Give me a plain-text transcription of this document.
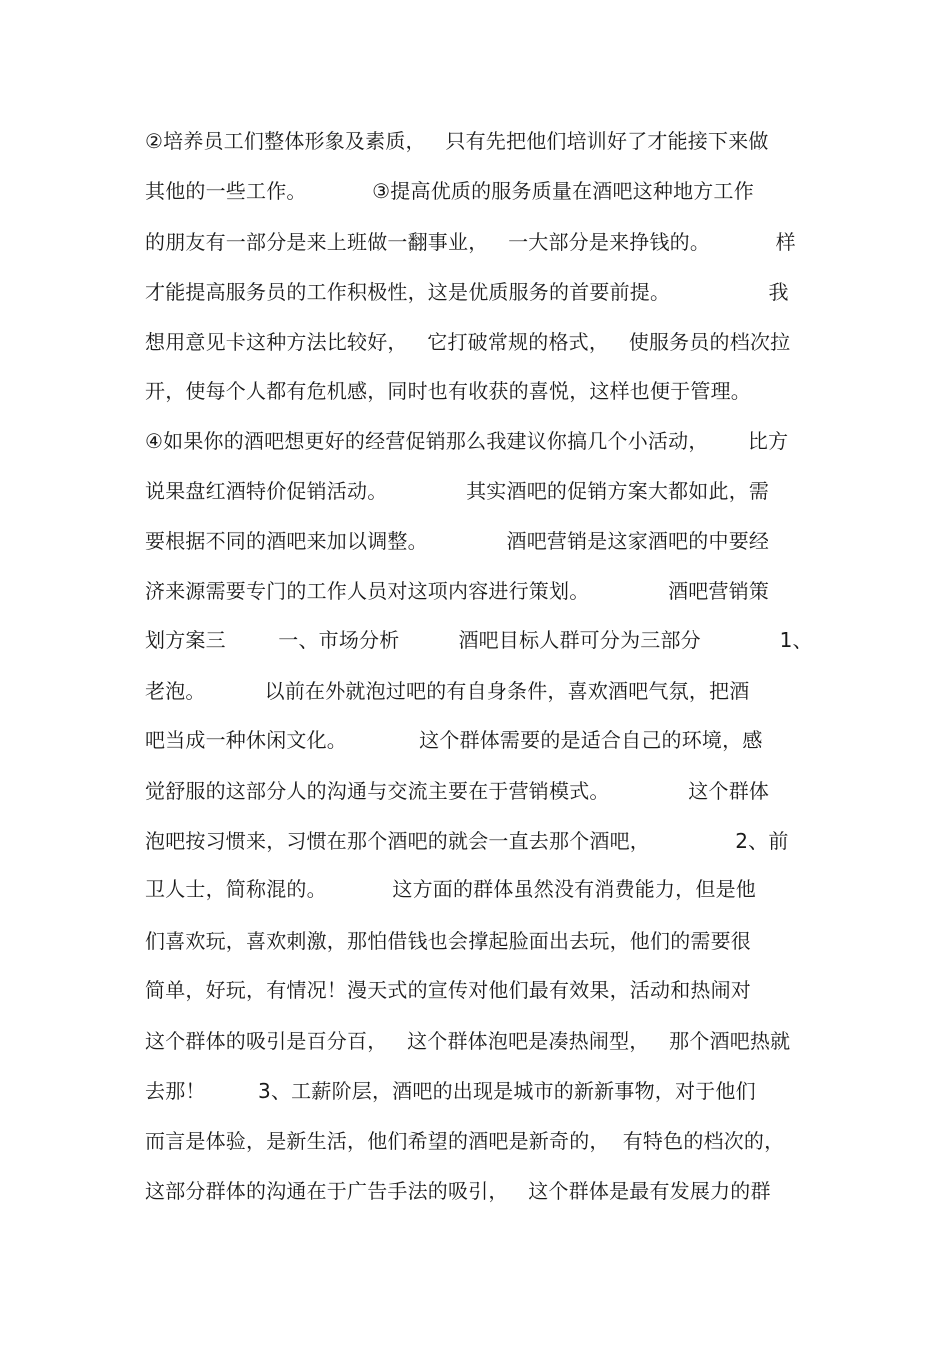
②培养员工们整体形象及素质，   只有先把他们培训好了才能接下来做
其他的一些工作。          ③提高优质的服务质量在酒吧这种地方工作
的朋友有一部分是来上班做一翻事业，   一大部分是来挣钱的。          样
才能提高服务员的工作积极性，这是优质服务的首要前提。               我
想用意见卡这种方法比较好，   它打破常规的格式，   使服务员的档次拉
开，使每个人都有危机感，同时也有收获的喜悦，这样也便于管理。
④如果你的酒吧想更好的经营促销那么我建议你搞几个小活动，      比方
说果盘红酒特价促销活动。            其实酒吧的促销方案大都如此，需
要根据不同的酒吧来加以调整。            酒吧营销是这家酒吧的中要经
济来源需要专门的工作人员对这项内容进行策划。            酒吧营销策
划方案三        一、市场分析         酒吧目标人群可分为三部分            1、
老泡。         以前在外就泡过吧的有自身条件，喜欢酒吧气氛，把酒
吧当成一种休闲文化。           这个群体需要的是适合自己的环境，感
觉舒服的这部分人的沟通与交流主要在于营销模式。            这个群体
泡吧按习惯来，习惯在那个酒吧的就会一直去那个酒吧，             2、前
卫人士，简称混的。          这方面的群体虽然没有消费能力，但是他
们喜欢玩，喜欢刺激，那怕借钱也会撑起脸面出去玩，他们的需要很
简单，好玩，有情况！漫天式的宣传对他们最有效果，活动和热闹对
这个群体的吸引是百分百，   这个群体泡吧是凑热闹型，   那个酒吧热就
去那！        3、工薪阶层，酒吧的出现是城市的新新事物，对于他们
而言是体验，是新生活，他们希望的酒吧是新奇的，  有特色的档次的，
这部分群体的沟通在于广告手法的吸引，   这个群体是最有发展力的群
